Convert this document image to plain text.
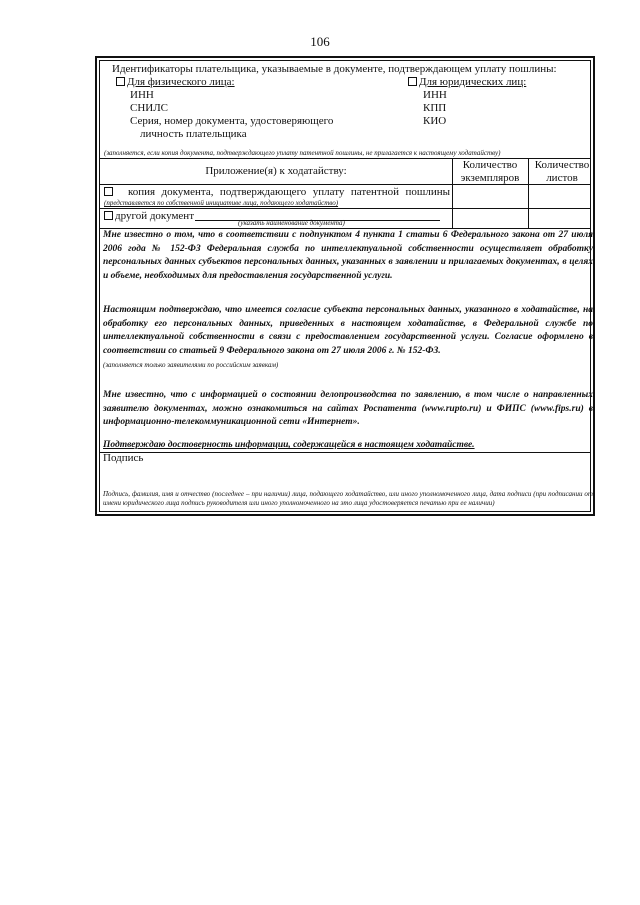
106
Идентификаторы плательщика, указываемые в документе, подтверждающем уплату пошлины:
Для физического лица:
ИНН
СНИЛС
Серия, номер документа, удостоверяющего
личность плательщика
Для юридических лиц:
ИНН
КПП
КИО
(заполняется, если копия документа, подтверждающего уплату патентной пошлины, не прилагается к настоящему ходатайству)
Приложение(я) к ходатайству:	Количество
экземпляров
Количество
листов
копия документа, подтверждающего уплату патентной пошлины
(представляется по собственной инициативе лица, подающего ходатайство)
другой документ
(указать наименование документа)
Мне известно о том, что в соответствии с подпунктом 4 пункта 1 статьи 6 Федерального закона от 27 июля 2006 года № 152-ФЗ Федеральная служба по интеллектуальной собственности осуществляет обработку персональных данных субъектов персональных данных, указанных в заявлении и прилагаемых документах, в целях и объеме, необходимых для предоставления государственной услуги.
Настоящим подтверждаю, что имеется согласие субъекта персональных данных, указанного в ходатайстве, на обработку его персональных данных, приведенных в настоящем ходатайстве, в Федеральной службе по интеллектуальной собственности в связи с предоставлением государственной услуги. Согласие оформлено в соответствии со статьей 9 Федерального закона от 27 июля 2006 г. № 152-ФЗ.
(заполняется только заявителями по российским заявкам)
Мне известно, что с информацией о состоянии делопроизводства по заявлению, в том числе о направленных заявителю документах, можно ознакомиться на сайтах Роспатента (www.rupto.ru) и ФИПС (www.fips.ru) в информационно-телекоммуникационной сети «Интернет».
Подтверждаю достоверность информации, содержащейся в настоящем ходатайстве.
Подпись
Подпись, фамилия, имя и отчество (последнее – при наличии) лица, подающего ходатайство, или иного уполномоченного лица, дата подписи (при подписании от имени юридического лица подпись руководителя или иного уполномоченного на это лица удостоверяется печатью при ее наличии)
